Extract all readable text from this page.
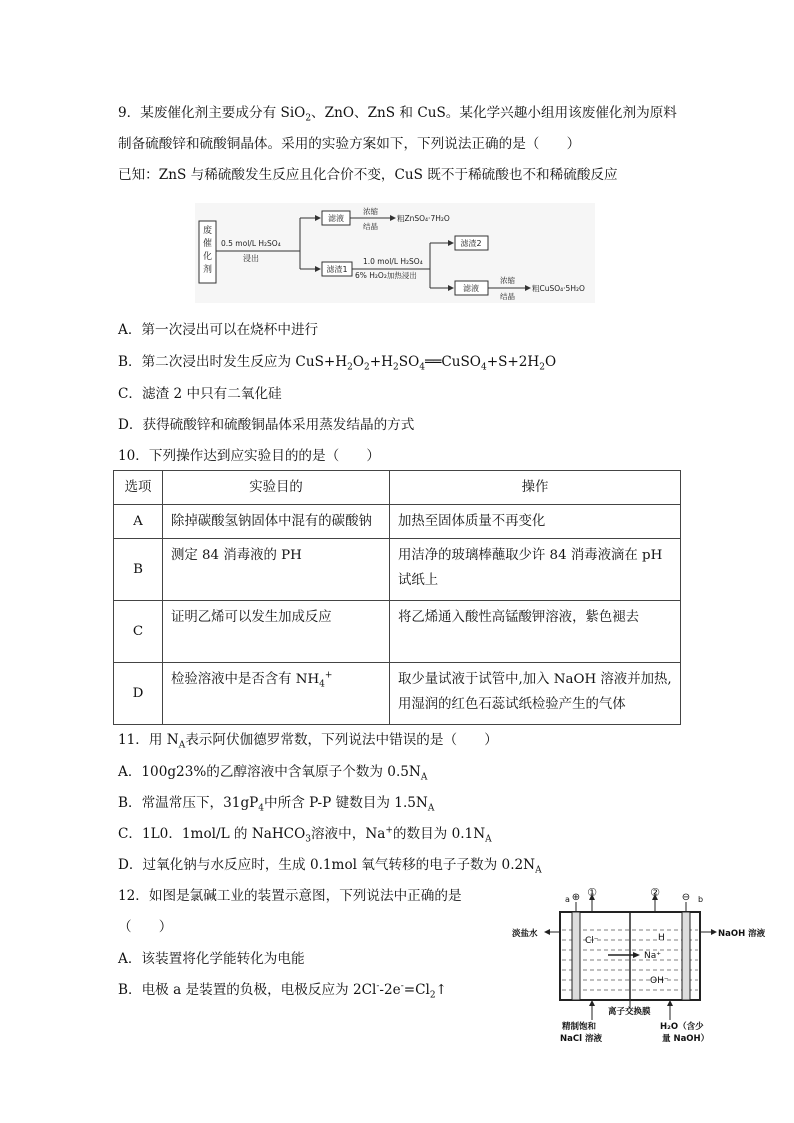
9．某废催化剂主要成分有 SiO$_2$、ZnO、ZnS 和 CuS。某化学兴趣小组用该废催化剂为原料
制备硫酸锌和硫酸铜晶体。采用的实验方案如下，下列说法正确的是（　　）
已知：ZnS 与稀硫酸发生反应且化合价不变，CuS 既不于稀硫酸也不和稀硫酸反应
废催化剂
0.5 mol/L H₂SO₄
浸出
滤液
浓缩
结晶
粗ZnSO₄·7H₂O
滤渣1
1.0 mol/L H₂SO₄
6% H₂O₂加热浸出
滤渣2
滤液
浓缩
结晶
粗CuSO₄·5H₂O
A．第一次浸出可以在烧杯中进行
B．第二次浸出时发生反应为 $CuS+H_2O_2+H_2SO_4══CuSO_4+S+2H_2O$
C．滤渣 2 中只有二氧化硅
D．获得硫酸锌和硫酸铜晶体采用蒸发结晶的方式
10．下列操作达到应实验目的的是（　　）
选项	实验目的	操作
A	除掉碳酸氢钠固体中混有的碳酸钠	加热至固体质量不再变化

B	测定 84 消毒液的 PH	用洁净的玻璃棒蘸取少许 84 消毒液滴在 pH
试纸上

C	证明乙烯可以发生加成反应	将乙烯通入酸性高锰酸钾溶液，紫色褪去

D	检验溶液中是否含有 $NH_4^+$	取少量试液于试管中,加入 NaOH 溶液并加热,
用湿润的红色石蕊试纸检验产生的气体
11．用 $N_A$表示阿伏伽德罗常数，下列说法中错误的是（　　）
A．100g23%的乙醇溶液中含氧原子个数为 $0.5N_A$
B．常温常压下，$31gP_4$中所含 P-P 键数目为 $1.5N_A$
C．1L0．1mol/L 的 NaHCO$_3$溶液中，Na+的数目为 $0.1N_A$
D．过氧化钠与水反应时，生成 0.1mol 氧气转移的电子子数为 $0.2N_A$
12．如图是氯碱工业的装置示意图，下列说法中正确的是
（　　）
A．该装置将化学能转化为电能
B．电极 a 是装置的负极，电极反应为 $2Cl^--2e^-=Cl_2↑$
⊕	⊖
a	b
①	②
淡盐水	NaOH 溶液
Cl⁻	H
Na⁺
OH⁻
离子交换膜
精制饱和
NaCl 溶液
H₂O（含少
量 NaOH）
